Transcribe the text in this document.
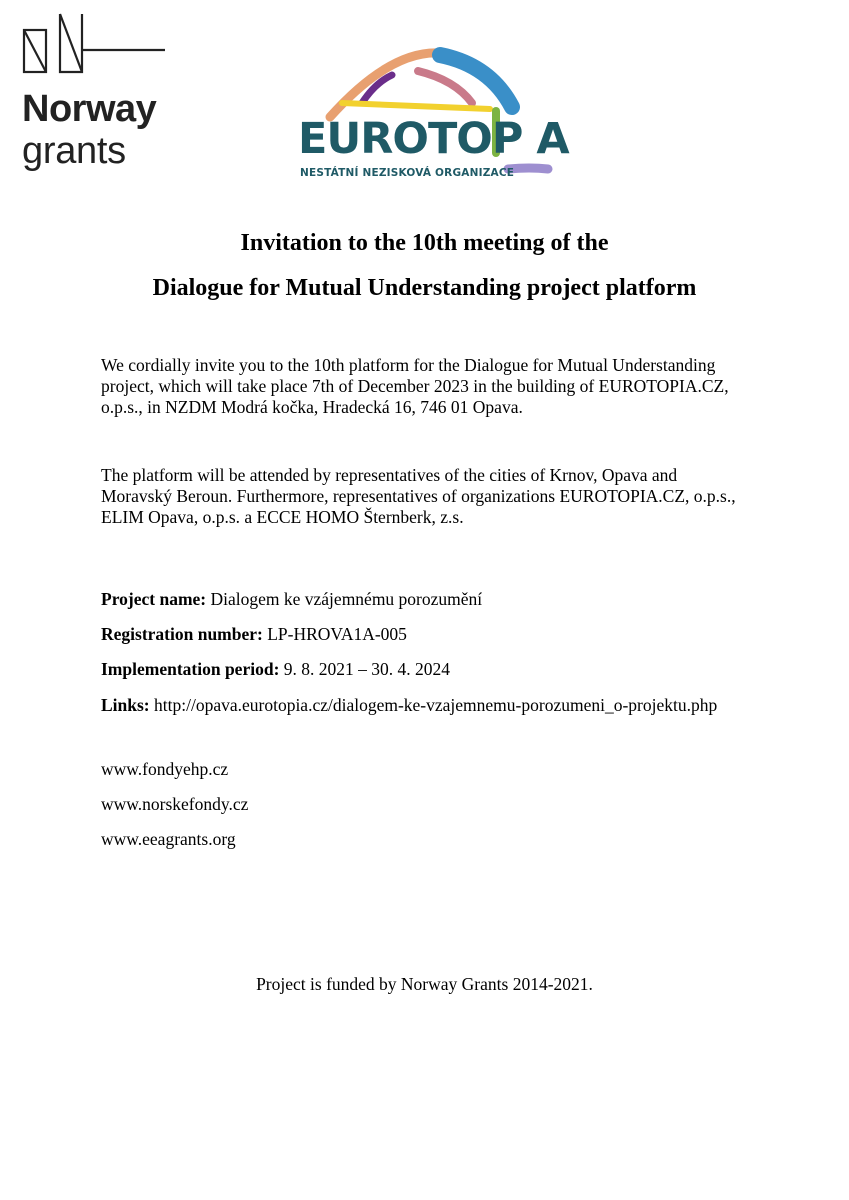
Norway
grants	EUROTOP A
NESTÁTNÍ NEZISKOVÁ ORGANIZACE
Invitation to the 10th meeting of the
Dialogue for Mutual Understanding project platform
We cordially invite you to the 10th platform for the Dialogue for Mutual Understanding project, which will take place 7th of December 2023 in the building of EUROTOPIA.CZ, o.p.s., in NZDM Modrá kočka, Hradecká 16, 746 01 Opava.
The platform will be attended by representatives of the cities of Krnov, Opava and Moravský Beroun. Furthermore, representatives of organizations EUROTOPIA.CZ, o.p.s., ELIM Opava, o.p.s. a ECCE HOMO Šternberk, z.s.
Project name: Dialogem ke vzájemnému porozumění
Registration number: LP-HROVA1A-005
Implementation period: 9. 8. 2021 – 30. 4. 2024
Links: http://opava.eurotopia.cz/dialogem-ke-vzajemnemu-porozumeni_o-projektu.php
www.fondyehp.cz
www.norskefondy.cz
www.eeagrants.org
Project is funded by Norway Grants 2014-2021.
